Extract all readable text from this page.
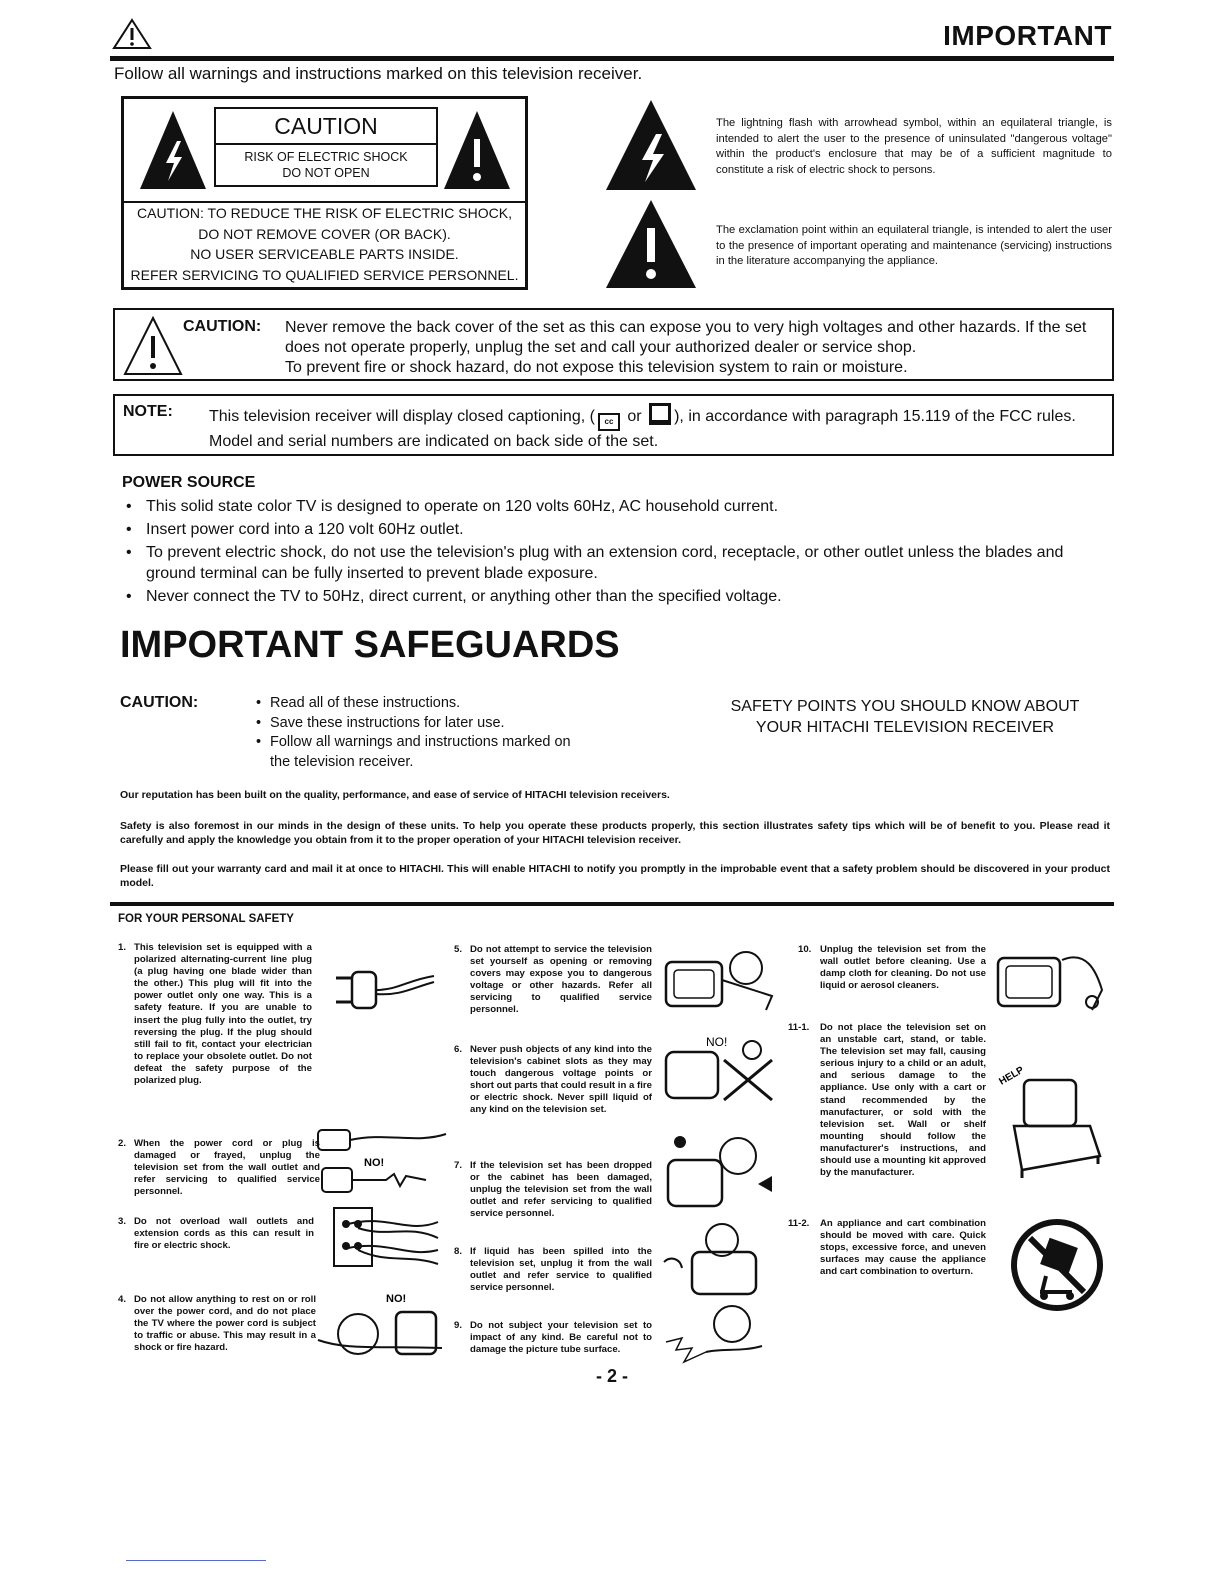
IMPORTANT
Follow all warnings and instructions marked on this television receiver.
CAUTION
RISK OF ELECTRIC SHOCK
DO NOT OPEN
CAUTION: TO REDUCE THE RISK OF ELECTRIC SHOCK,
DO NOT REMOVE COVER (OR BACK).
NO USER SERVICEABLE PARTS INSIDE.
REFER SERVICING TO QUALIFIED SERVICE PERSONNEL.
The lightning flash with arrowhead symbol, within an equilateral triangle, is intended to alert the user to the presence of uninsulated "dangerous voltage" within the product's enclosure that may be of a sufficient magnitude to constitute a risk of electric shock to persons.
The exclamation point within an equilateral triangle, is intended to alert the user to the presence of important operating and maintenance (servicing) instructions in the literature accompanying the appliance.
CAUTION: Never remove the back cover of the set as this can expose you to very high voltages and other hazards. If the set does not operate properly, unplug the set and call your authorized dealer or service shop.
To prevent fire or shock hazard, do not expose this television system to rain or moisture.
NOTE: This television receiver will display closed captioning, ( cc or ), in accordance with paragraph 15.119 of the FCC rules. Model and serial numbers are indicated on back side of the set.
POWER SOURCE
• This solid state color TV is designed to operate on 120 volts 60Hz, AC household current.
• Insert power cord into a 120 volt 60Hz outlet.
• To prevent electric shock, do not use the television's plug with an extension cord, receptacle, or other outlet unless the blades and ground terminal can be fully inserted to prevent blade exposure.
• Never connect the TV to 50Hz, direct current, or anything other than the specified voltage.
IMPORTANT SAFEGUARDS
CAUTION:
•	Read all of these instructions.
• Save these instructions for later use.
• Follow all warnings and instructions marked on the television receiver.
SAFETY POINTS YOU SHOULD KNOW ABOUT
YOUR HITACHI TELEVISION RECEIVER
Our reputation has been built on the quality, performance, and ease of service of HITACHI television receivers.
Safety is also foremost in our minds in the design of these units. To help you operate these products properly, this section illustrates safety tips which will be of benefit to you. Please read it carefully and apply the knowledge you obtain from it to the proper operation of your HITACHI television receiver.
Please fill out your warranty card and mail it at once to HITACHI. This will enable HITACHI to notify you promptly in the improbable event that a safety problem should be discovered in your product model.
FOR YOUR PERSONAL SAFETY
1. This television set is equipped with a polarized alternating-current line plug (a plug having one blade wider than the other.) This plug will fit into the power outlet only one way. This is a safety feature. If you are unable to insert the plug fully into the outlet, try reversing the plug. If the plug should still fail to fit, contact your electrician to replace your obsolete outlet. Do not defeat the safety purpose of the polarized plug.
2. When the power cord or plug is damaged or frayed, unplug the television set from the wall outlet and refer servicing to qualified service personnel.
NO!
3. Do not overload wall outlets and extension cords as this can result in fire or electric shock.
4. Do not allow anything to rest on or roll over the power cord, and do not place the TV where the power cord is subject to traffic or abuse. This may result in a shock or fire hazard.
NO!
5. Do not attempt to service the television set yourself as opening or removing covers may expose you to dangerous voltage or other hazards. Refer all servicing to qualified service personnel.
6. Never push objects of any kind into the television's cabinet slots as they may touch dangerous voltage points or short out parts that could result in a fire or electric shock. Never spill liquid of any kind on the television set.
NO!
7. If the television set has been dropped or the cabinet has been damaged, unplug the television set from the wall outlet and refer servicing to qualified service personnel.
8. If liquid has been spilled into the television set, unplug it from the wall outlet and refer service to qualified service personnel.
9. Do not subject your television set to impact of any kind. Be careful not to damage the picture tube surface.
10. Unplug the television set from the wall outlet before cleaning. Use a damp cloth for cleaning. Do not use liquid or aerosol cleaners.
11-1. Do not place the television set on an unstable cart, stand, or table. The television set may fall, causing serious injury to a child or an adult, and serious damage to the appliance. Use only with a cart or stand recommended by the manufacturer, or sold with the television set. Wall or shelf mounting should follow the manufacturer's instructions, and should use a mounting kit approved by the manufacturer.
HELP
11-2. An appliance and cart combination should be moved with care. Quick stops, excessive force, and uneven surfaces may cause the appliance and cart combination to overturn.
- 2 -
